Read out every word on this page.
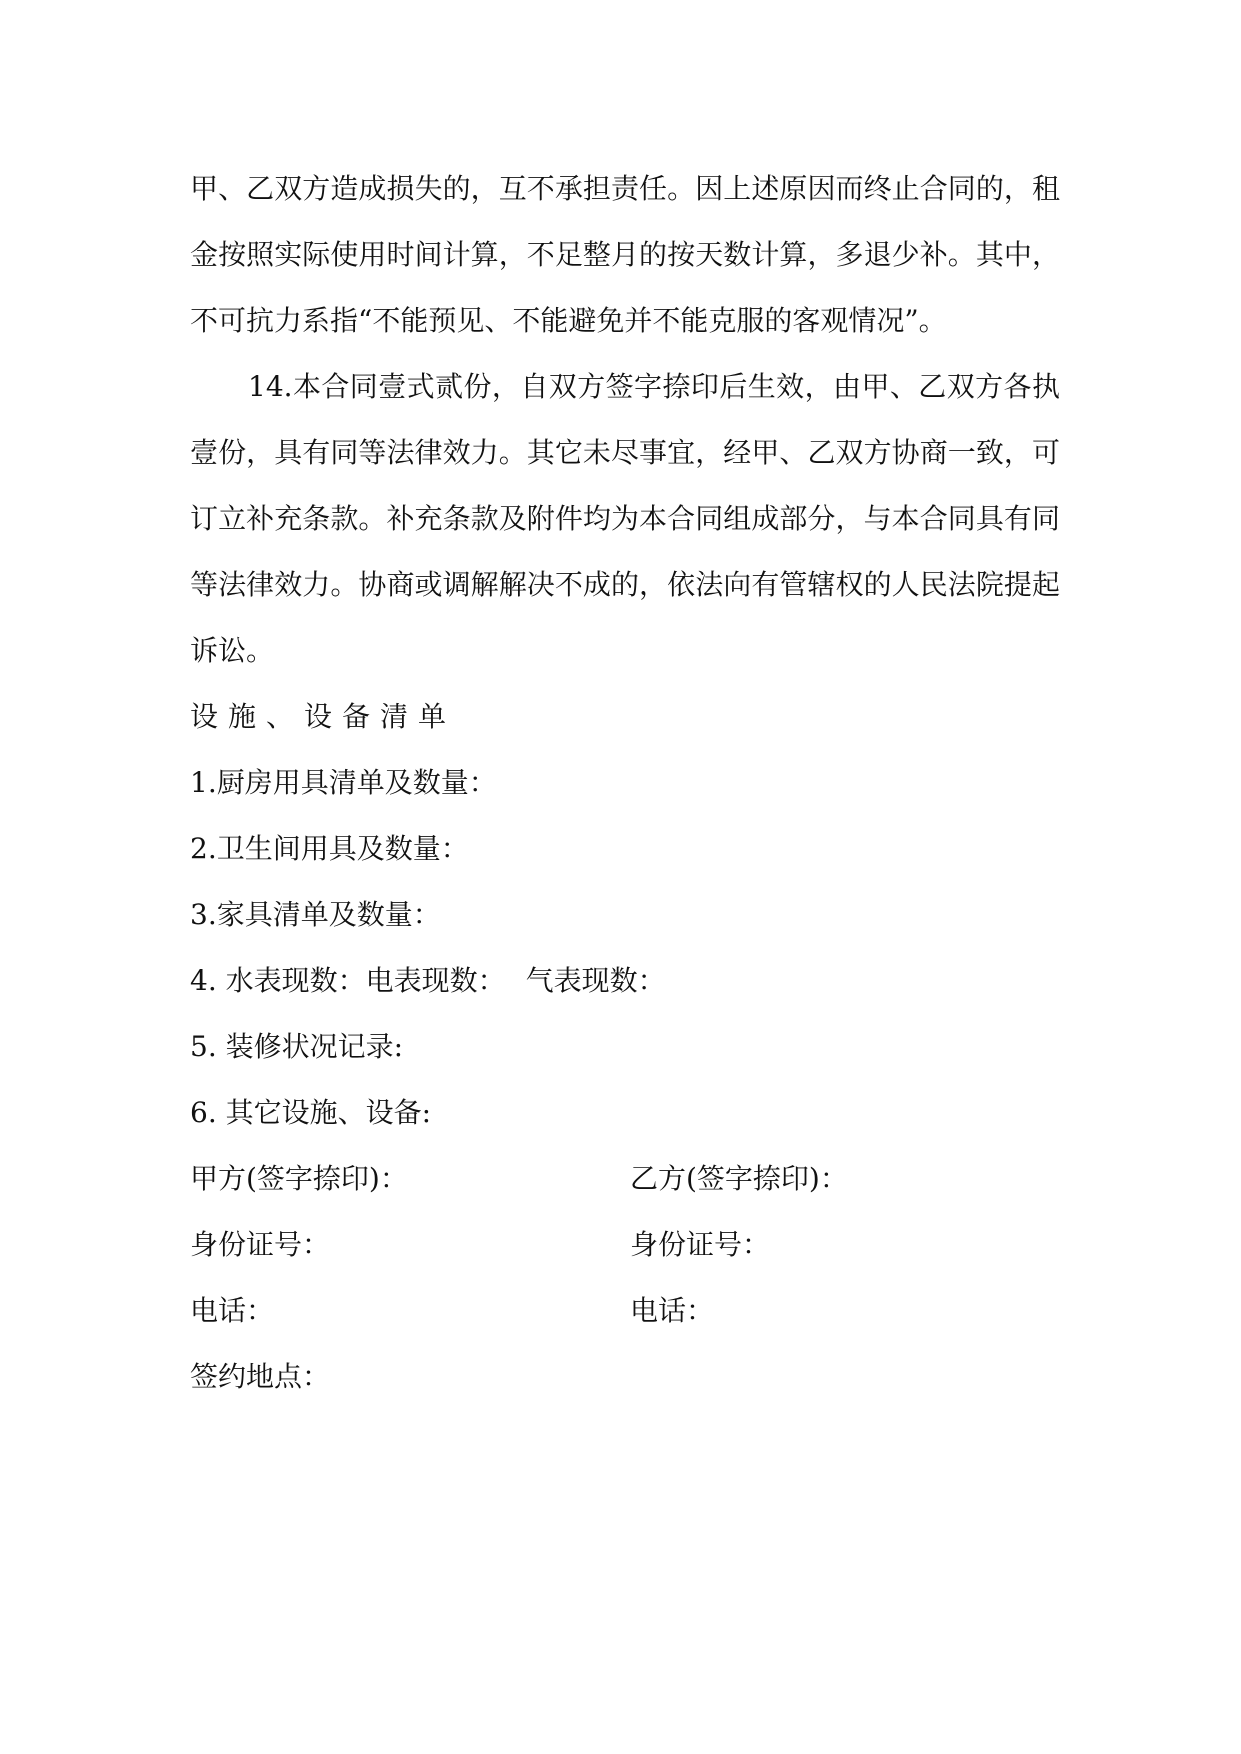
甲、乙双方造成损失的，互不承担责任。因上述原因而终止合同的，租金按照实际使用时间计算，不足整月的按天数计算，多退少补。其中，不可抗力系指“不能预见、不能避免并不能克服的客观情况”。

14.本合同壹式贰份，自双方签字捺印后生效，由甲、乙双方各执壹份，具有同等法律效力。其它未尽事宜，经甲、乙双方协商一致，可订立补充条款。补充条款及附件均为本合同组成部分，与本合同具有同等法律效力。协商或调解解决不成的，依法向有管辖权的人民法院提起诉讼。

设施、设备清单
1.厨房用具清单及数量：
2.卫生间用具及数量：
3.家具清单及数量：
4. 水表现数：电表现数： 气表现数：
5. 装修状况记录:
6. 其它设施、设备:
甲方(签字捺印)：	乙方(签字捺印)：
身份证号：	身份证号：
电话：	电话：
签约地点：
